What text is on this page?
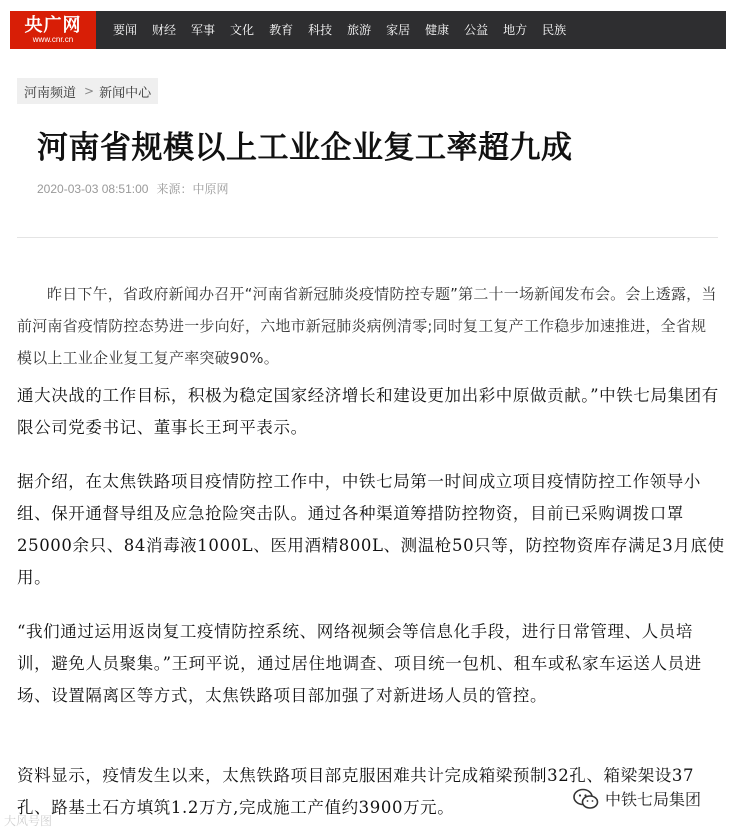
央广网
www.cnr.cn
要闻 财经 军事 文化 教育 科技 旅游 家居 健康 公益 地方 民族
河南频道 > 新闻中心
河南省规模以上工业企业复工率超九成
2020-03-03 08:51:00 来源：中原网

昨日下午，省政府新闻办召开“河南省新冠肺炎疫情防控专题”第二十一场新闻发布会。会上透露，当前河南省疫情防控态势进一步向好，六地市新冠肺炎病例清零;同时复工复产工作稳步加速推进，全省规模以上工业企业复工复产率突破90%。

通大决战的工作目标，积极为稳定国家经济增长和建设更加出彩中原做贡献。”中铁七局集团有限公司党委书记、董事长王珂平表示。

据介绍，在太焦铁路项目疫情防控工作中，中铁七局第一时间成立项目疫情防控工作领导小组、保开通督导组及应急抢险突击队。通过各种渠道筹措防控物资，目前已采购调拨口罩25000余只、84消毒液1000L、医用酒精800L、测温枪50只等，防控物资库存满足3月底使用。

“我们通过运用返岗复工疫情防控系统、网络视频会等信息化手段，进行日常管理、人员培训，避免人员聚集。”王珂平说，通过居住地调查、项目统一包机、租车或私家车运送人员进场、设置隔离区等方式，太焦铁路项目部加强了对新进场人员的管控。

资料显示，疫情发生以来，太焦铁路项目部克服困难共计完成箱梁预制32孔、箱梁架设37孔、路基土石方填筑1.2万方,完成施工产值约3900万元。

大风号图
中铁七局集团
